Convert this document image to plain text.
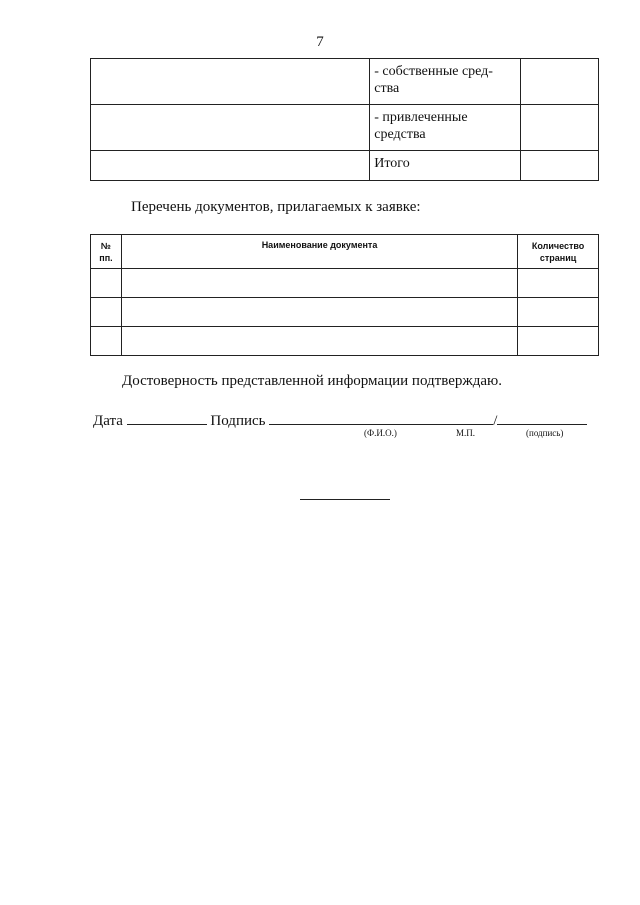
7
	- собственные сред-
ства	
	- привлеченные
средства	
	Итого	
Перечень документов, прилагаемых к заявке:
№
пп.	Наименование документа	Количество
страниц

Достоверность представленной информации подтверждаю.
Дата	Подпись	/
(Ф.И.О.)	М.П.	(подпись)
